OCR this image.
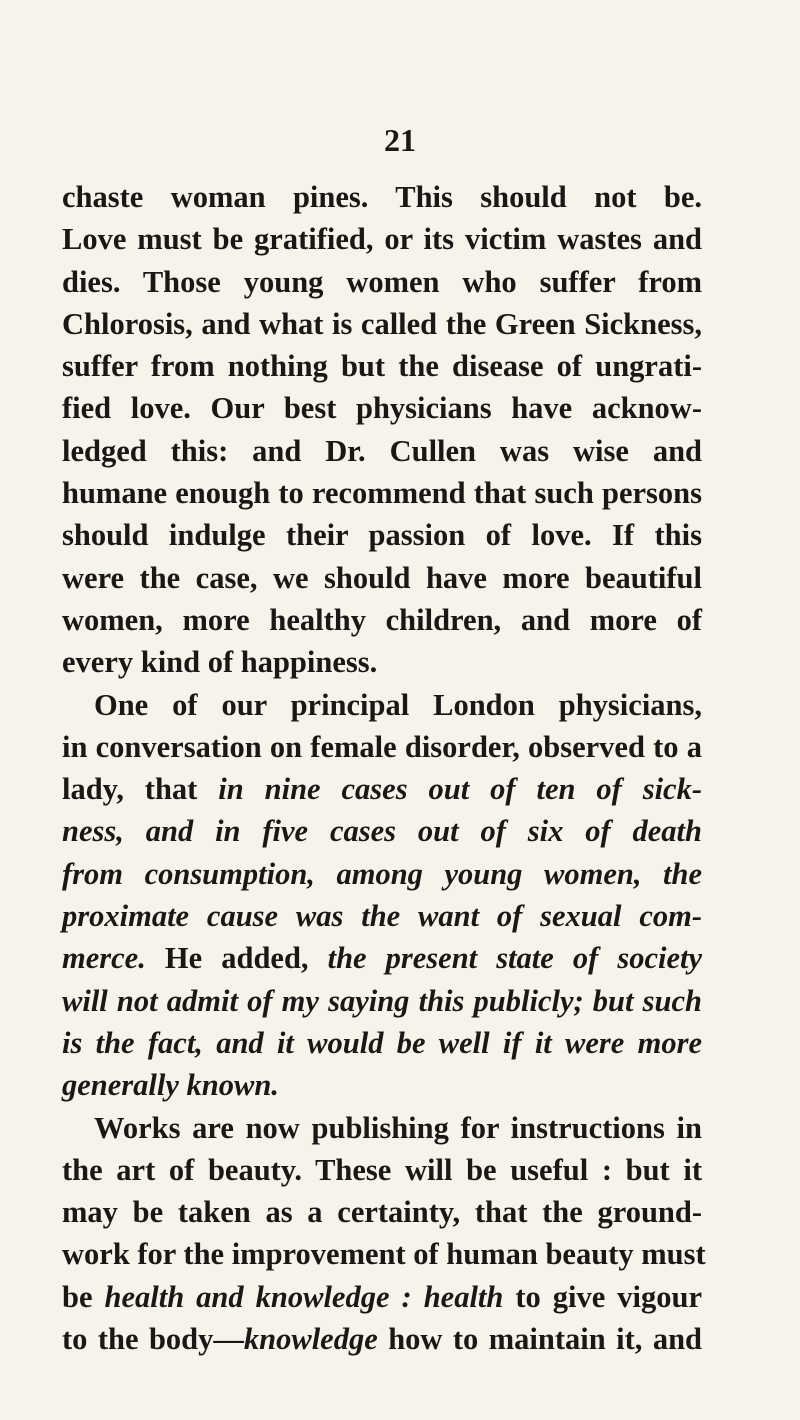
21
chaste woman pines. This should not be.
Love must be gratified, or its victim wastes and
dies. Those young women who suffer from
Chlorosis, and what is called the Green Sickness,
suffer from nothing but the disease of ungrati-
fied love. Our best physicians have acknow-
ledged this: and Dr. Cullen was wise and
humane enough to recommend that such persons
should indulge their passion of love. If this
were the case, we should have more beautiful
women, more healthy children, and more of
every kind of happiness.
One of our principal London physicians,
in conversation on female disorder, observed to a
lady, that in nine cases out of ten of sick-
ness, and in five cases out of six of death
from consumption, among young women, the
proximate cause was the want of sexual com-
merce. He added, the present state of society
will not admit of my saying this publicly; but such
is the fact, and it would be well if it were more
generally known.
Works are now publishing for instructions in
the art of beauty. These will be useful : but it
may be taken as a certainty, that the ground-
work for the improvement of human beauty must
be health and knowledge : health to give vigour
to the body—knowledge how to maintain it, and
